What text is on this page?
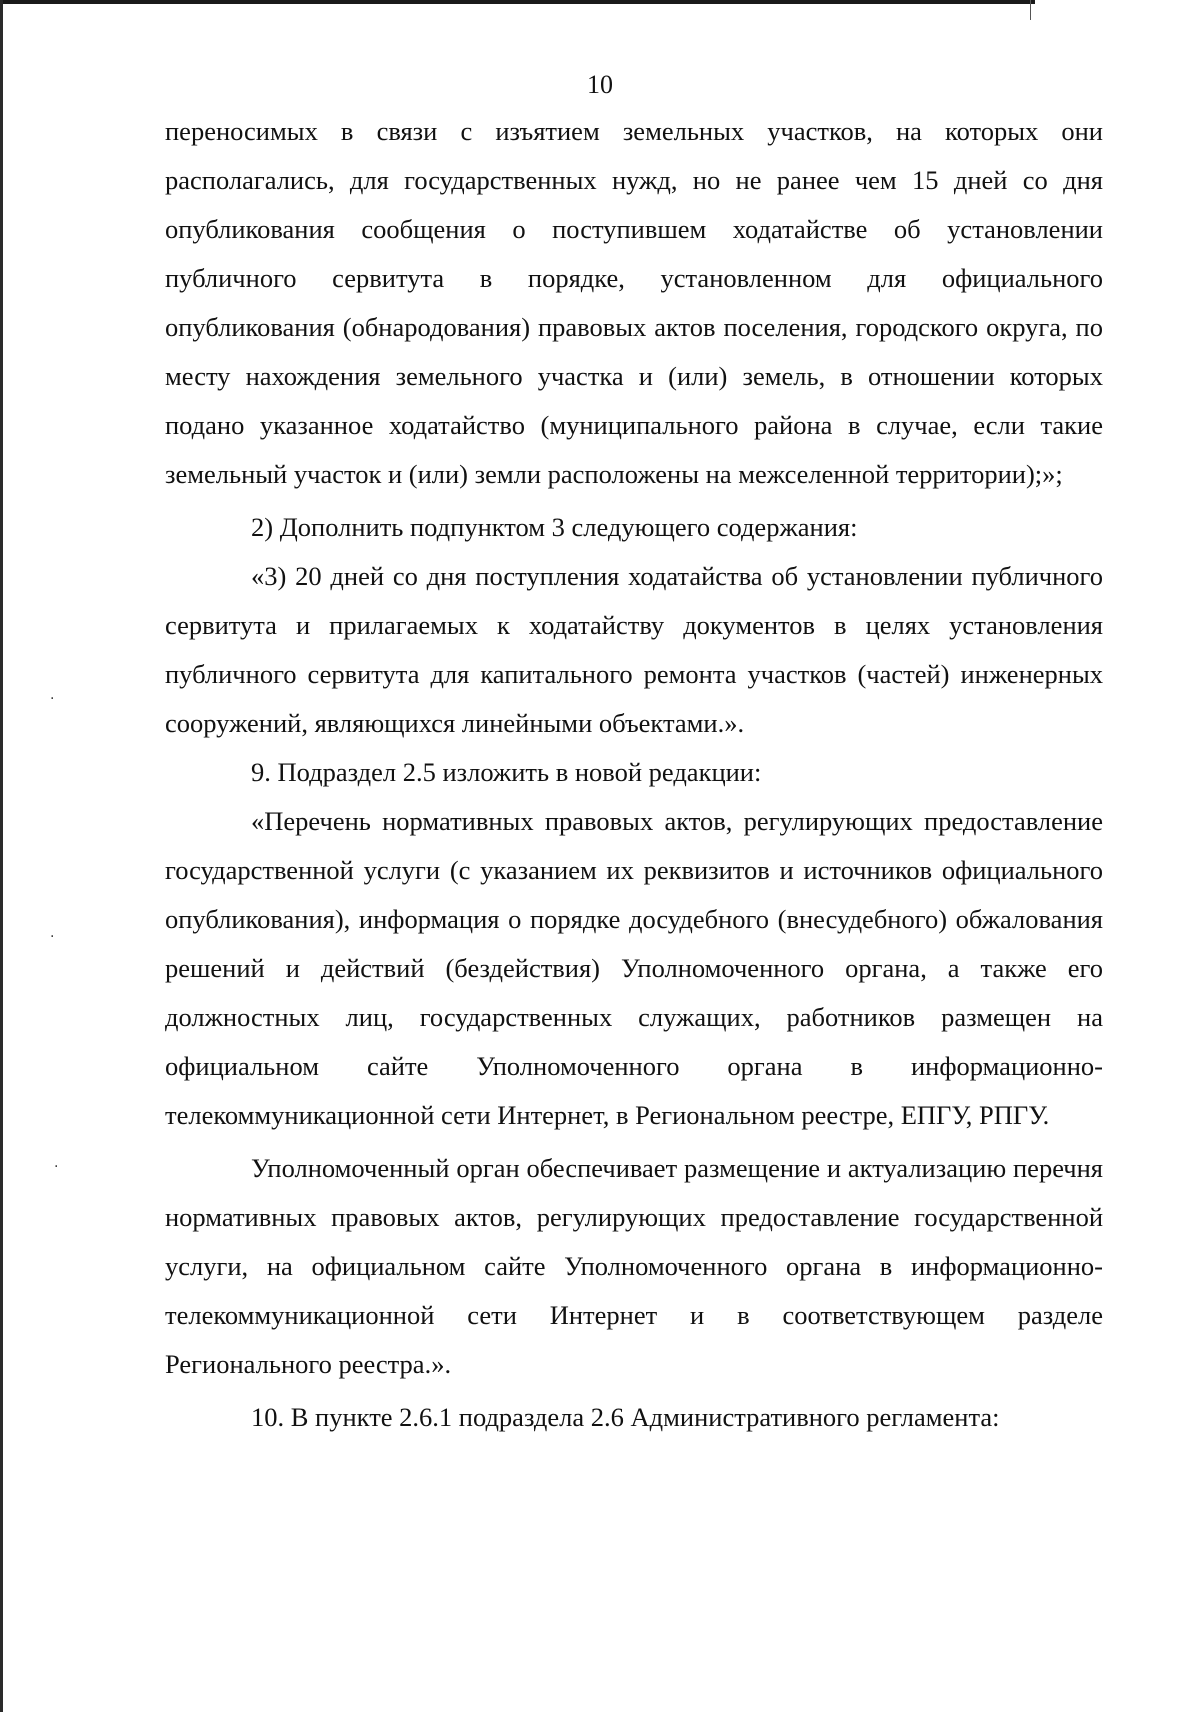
·
·
·
10

переносимых в связи с изъятием земельных участков, на которых они располагались, для государственных нужд, но не ранее чем 15 дней со дня опубликования сообщения о поступившем ходатайстве об установлении публичного сервитута в порядке, установленном для официального опубликования (обнародования) правовых актов поселения, городского округа, по месту нахождения земельного участка и (или) земель, в отношении которых подано указанное ходатайство (муниципального района в случае, если такие земельный участок и (или) земли расположены на межселенной территории);»;

2) Дополнить подпунктом 3 следующего содержания:

«3) 20 дней со дня поступления ходатайства об установлении публичного сервитута и прилагаемых к ходатайству документов в целях установления публичного сервитута для капитального ремонта участков (частей) инженерных сооружений, являющихся линейными объектами.».

9. Подраздел 2.5 изложить в новой редакции:

«Перечень нормативных правовых актов, регулирующих предоставление государственной услуги (с указанием их реквизитов и источников официального опубликования), информация о порядке досудебного (внесудебного) обжалования решений и действий (бездействия) Уполномоченного органа, а также его должностных лиц, государственных служащих, работников размещен на официальном сайте Уполномоченного органа в информационно-телекоммуникационной сети Интернет, в Региональном реестре, ЕПГУ, РПГУ.

Уполномоченный орган обеспечивает размещение и актуализацию перечня нормативных правовых актов, регулирующих предоставление государственной услуги, на официальном сайте Уполномоченного органа в информационно-телекоммуникационной сети Интернет и в соответствующем разделе Регионального реестра.».

10. В пункте 2.6.1 подраздела 2.6 Административного регламента:
